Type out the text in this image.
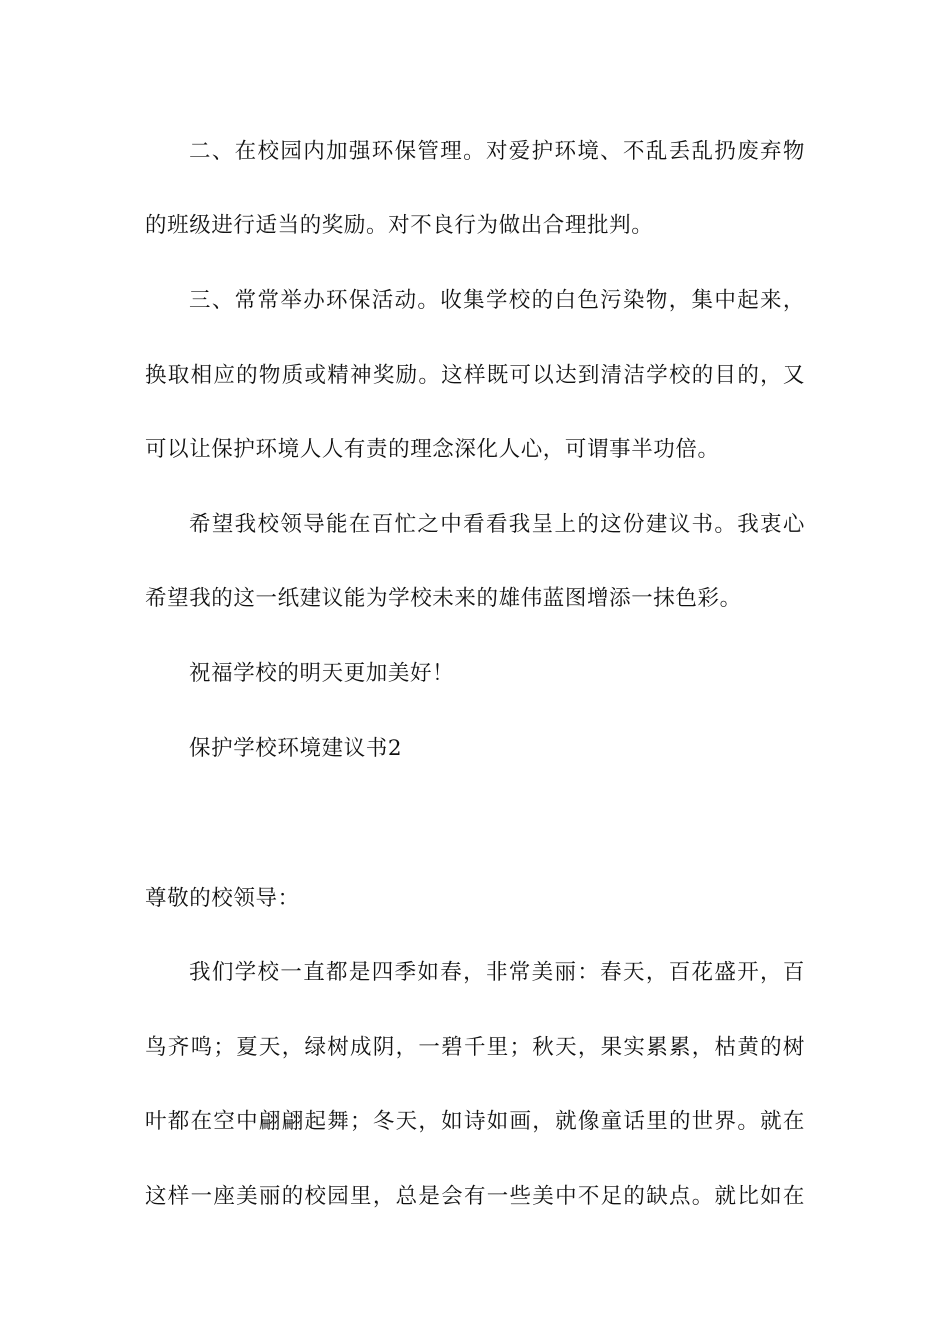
二、在校园内加强环保管理。对爱护环境、不乱丢乱扔废弃物
的班级进行适当的奖励。对不良行为做出合理批判。
三、常常举办环保活动。收集学校的白色污染物，集中起来，
换取相应的物质或精神奖励。这样既可以达到清洁学校的目的，又
可以让保护环境人人有责的理念深化人心，可谓事半功倍。
希望我校领导能在百忙之中看看我呈上的这份建议书。我衷心
希望我的这一纸建议能为学校未来的雄伟蓝图增添一抹色彩。
祝福学校的明天更加美好！
保护学校环境建议书2
尊敬的校领导：
我们学校一直都是四季如春，非常美丽：春天，百花盛开，百
鸟齐鸣；夏天，绿树成阴，一碧千里；秋天，果实累累，枯黄的树
叶都在空中翩翩起舞；冬天，如诗如画，就像童话里的世界。就在
这样一座美丽的校园里，总是会有一些美中不足的缺点。就比如在
